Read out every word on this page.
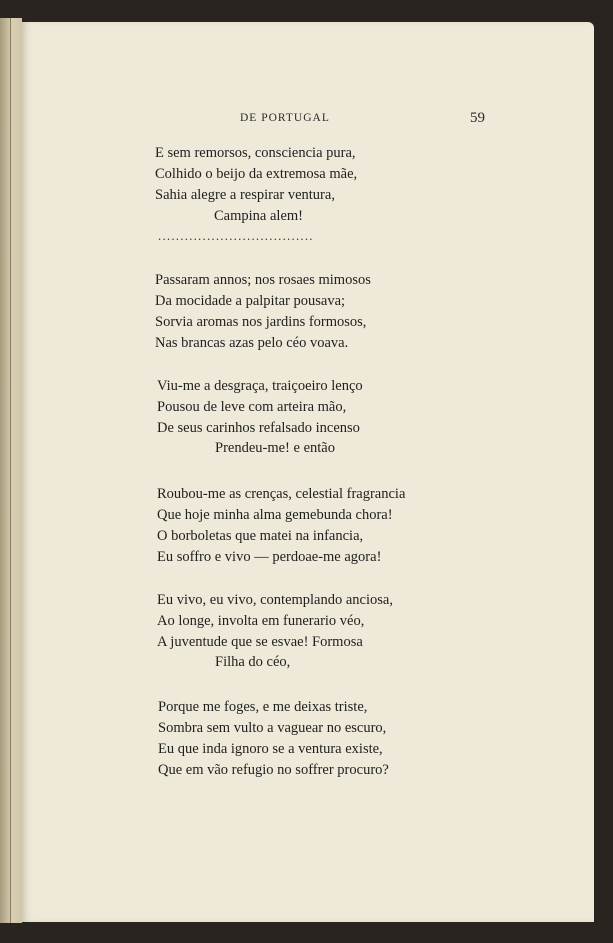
DE PORTUGAL	59
E sem remorsos, consciencia pura,
Colhido o beijo da extremosa mãe,
Sahia alegre a respirar ventura,
Campina alem!
...................................
Passaram annos; nos rosaes mimosos
Da mocidade a palpitar pousava;
Sorvia aromas nos jardins formosos,
Nas brancas azas pelo céo voava.
Viu-me a desgraça, traiçoeiro lenço
Pousou de leve com arteira mão,
De seus carinhos refalsado incenso
Prendeu-me! e então
Roubou-me as crenças, celestial fragrancia
Que hoje minha alma gemebunda chora!
O borboletas que matei na infancia,
Eu soffro e vivo — perdoae-me agora!
Eu vivo, eu vivo, contemplando anciosa,
Ao longe, involta em funerario véo,
A juventude que se esvae! Formosa
Filha do céo,
Porque me foges, e me deixas triste,
Sombra sem vulto a vaguear no escuro,
Eu que inda ignoro se a ventura existe,
Que em vão refugio no soffrer procuro?
